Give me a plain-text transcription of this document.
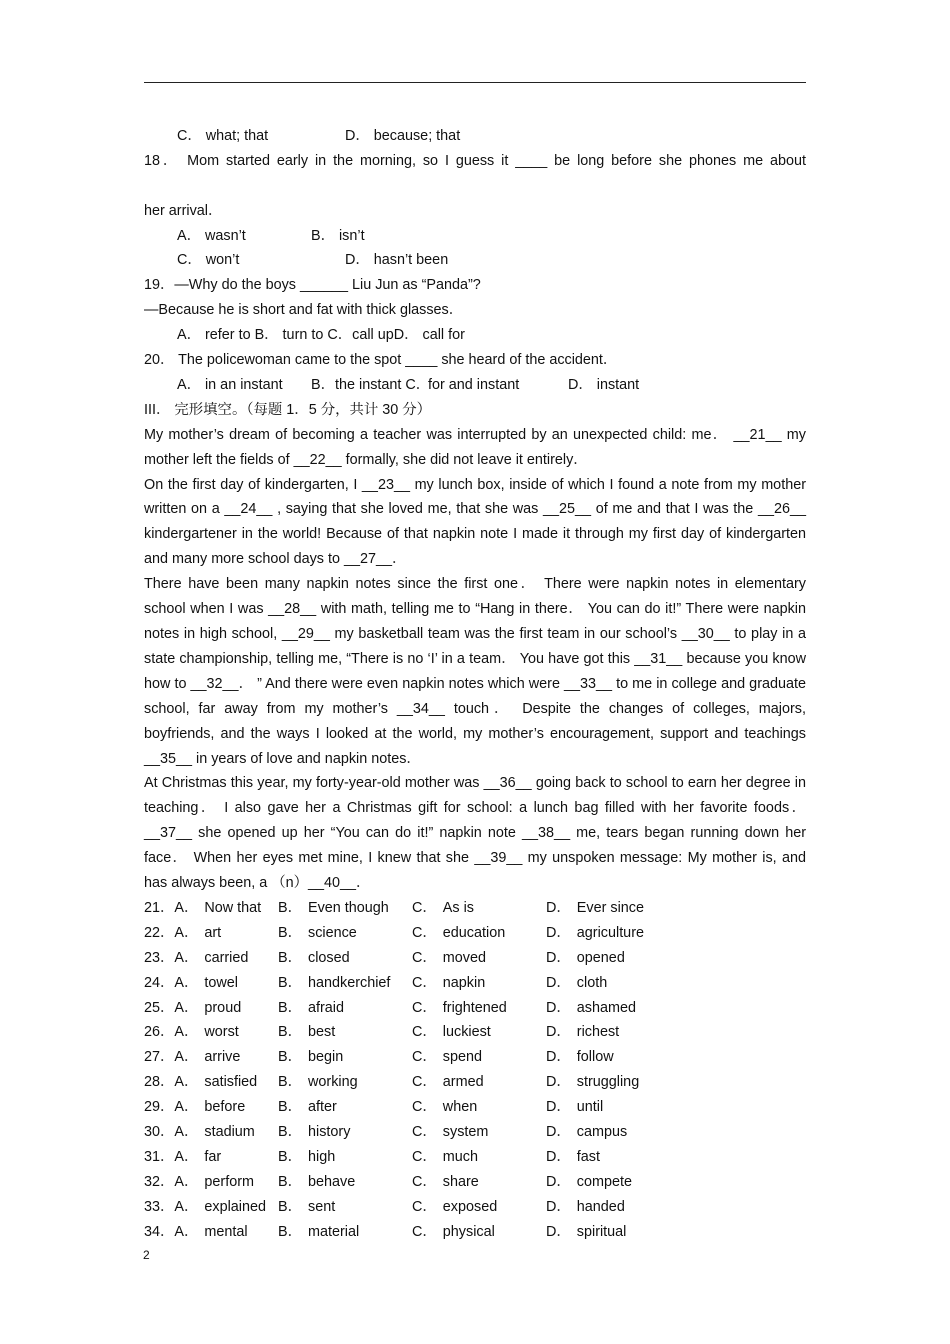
C． what; that	D． because; that
18． Mom started early in the morning, so I guess it ____ be long before she phones me about
her arrival．
A． wasn’t	B． isn’t
C． won’t	D． hasn’t been
19．—Why do the boys ______ Liu Jun as “Panda”?
—Because he is short and fat with thick glasses．
A． refer to B． turn to C．call upD． call for
20． The policewoman came to the spot ____ she heard of the accident．
A． in an instant B．the instant C．for and instant	D． instant
III． 完形填空。（每题 1．5 分，共计 30 分）
My mother’s dream of becoming a teacher was interrupted by an unexpected child: me． __21__ my mother left the fields of __22__ formally, she did not leave it entirely．
On the first day of kindergarten, I __23__ my lunch box, inside of which I found a note from my mother written on a __24__ , saying that she loved me, that she was __25__ of me and that I was the __26__ kindergartener in the world! Because of that napkin note I made it through my first day of kindergarten and many more school days to __27__．
There have been many napkin notes since the first one． There were napkin notes in elementary school when I was __28__ with math, telling me to “Hang in there． You can do it!” There were napkin notes in high school, __29__ my basketball team was the first team in our school’s __30__ to play in a state championship, telling me, “There is no ‘I’ in a team． You have got this __31__ because you know how to __32__． ” And there were even napkin notes which were __33__ to me in college and graduate school, far away from my mother’s __34__ touch． Despite the changes of colleges, majors, boyfriends, and the ways I looked at the world, my mother’s encouragement, support and teachings __35__ in years of love and napkin notes．
At Christmas this year, my forty-year-old mother was __36__ going back to school to earn her degree in teaching． I also gave her a Christmas gift for school: a lunch bag filled with her favorite foods． __37__ she opened up her “You can do it!” napkin note __38__ me, tears began running down her face． When her eyes met mine, I knew that she __39__ my unspoken message: My mother is, and has always been, a （n）__40__．
21．A． Now that B． Even though C． As is	D． Ever since
22．A． art	B． science	C． education	D． agriculture
23．A． carried B． closed	C． moved	D． opened
24．A． towel	B． handkerchief C． napkin	D． cloth
25．A． proud	B． afraid	C． frightened	D． ashamed
26．A． worst	B． best	C． luckiest	D． richest
27．A． arrive	B． begin	C． spend	D． follow
28．A． satisfied B． working	C． armed	D． struggling
29．A． before B． after	C． when	D． until
30．A． stadium B． history	C． system	D． campus
31．A． far	B． high	C． much	D． fast
32．A． perform B． behave	C． share	D． compete
33．A． explained B． sent	C． exposed	D． handed
34．A． mental B． material	C． physical	D． spiritual
2
